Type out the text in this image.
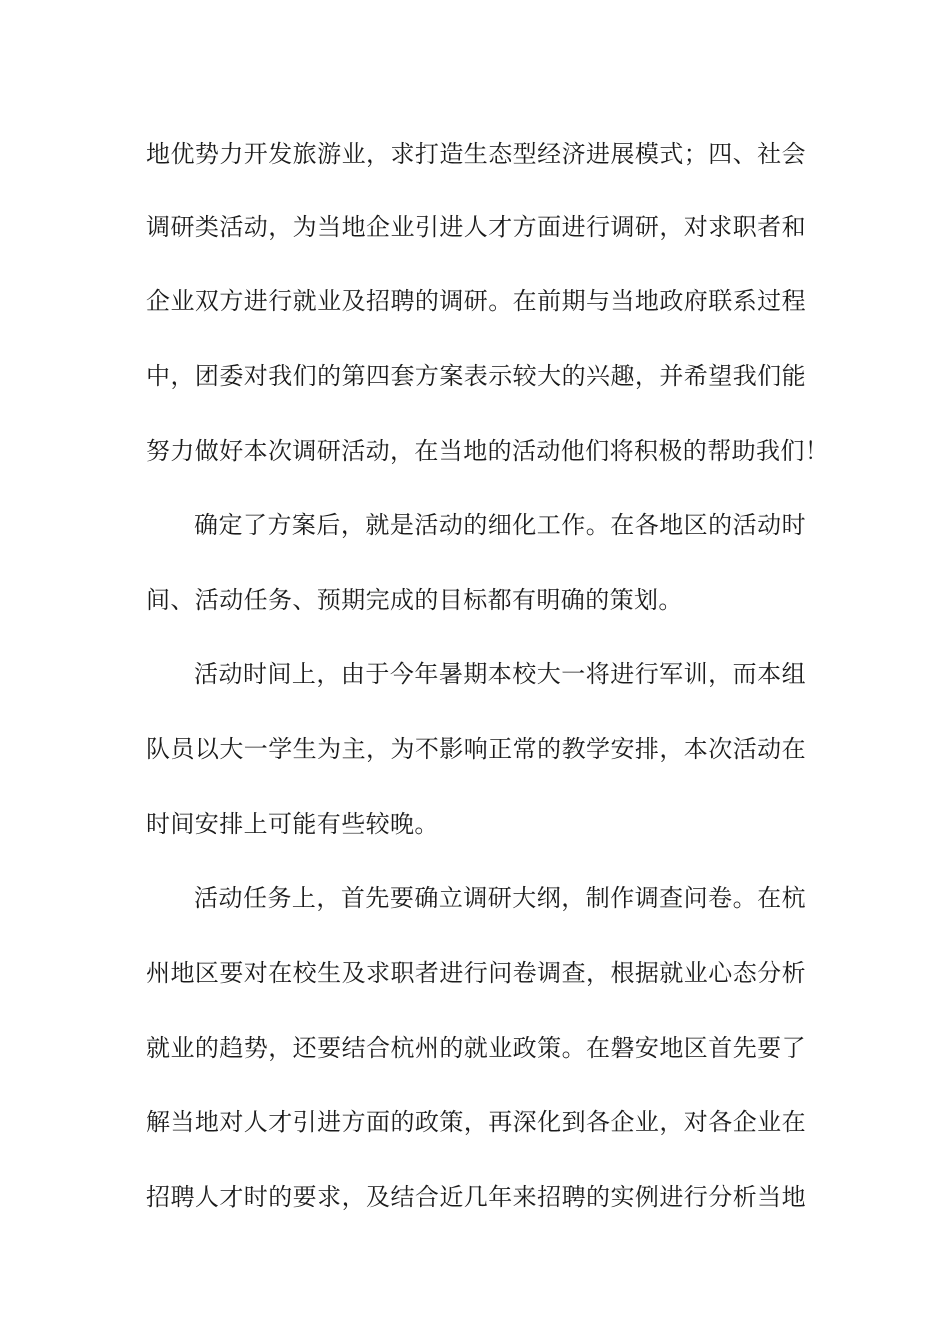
地优势力开发旅游业，求打造生态型经济进展模式；四、社会
调研类活动，为当地企业引进人才方面进行调研，对求职者和
企业双方进行就业及招聘的调研。在前期与当地政府联系过程
中，团委对我们的第四套方案表示较大的兴趣，并希望我们能
努力做好本次调研活动，在当地的活动他们将积极的帮助我们！
确定了方案后，就是活动的细化工作。在各地区的活动时
间、活动任务、预期完成的目标都有明确的策划。
活动时间上，由于今年暑期本校大一将进行军训，而本组
队员以大一学生为主，为不影响正常的教学安排，本次活动在
时间安排上可能有些较晚。
活动任务上，首先要确立调研大纲，制作调查问卷。在杭
州地区要对在校生及求职者进行问卷调查，根据就业心态分析
就业的趋势，还要结合杭州的就业政策。在磐安地区首先要了
解当地对人才引进方面的政策，再深化到各企业，对各企业在
招聘人才时的要求，及结合近几年来招聘的实例进行分析当地
